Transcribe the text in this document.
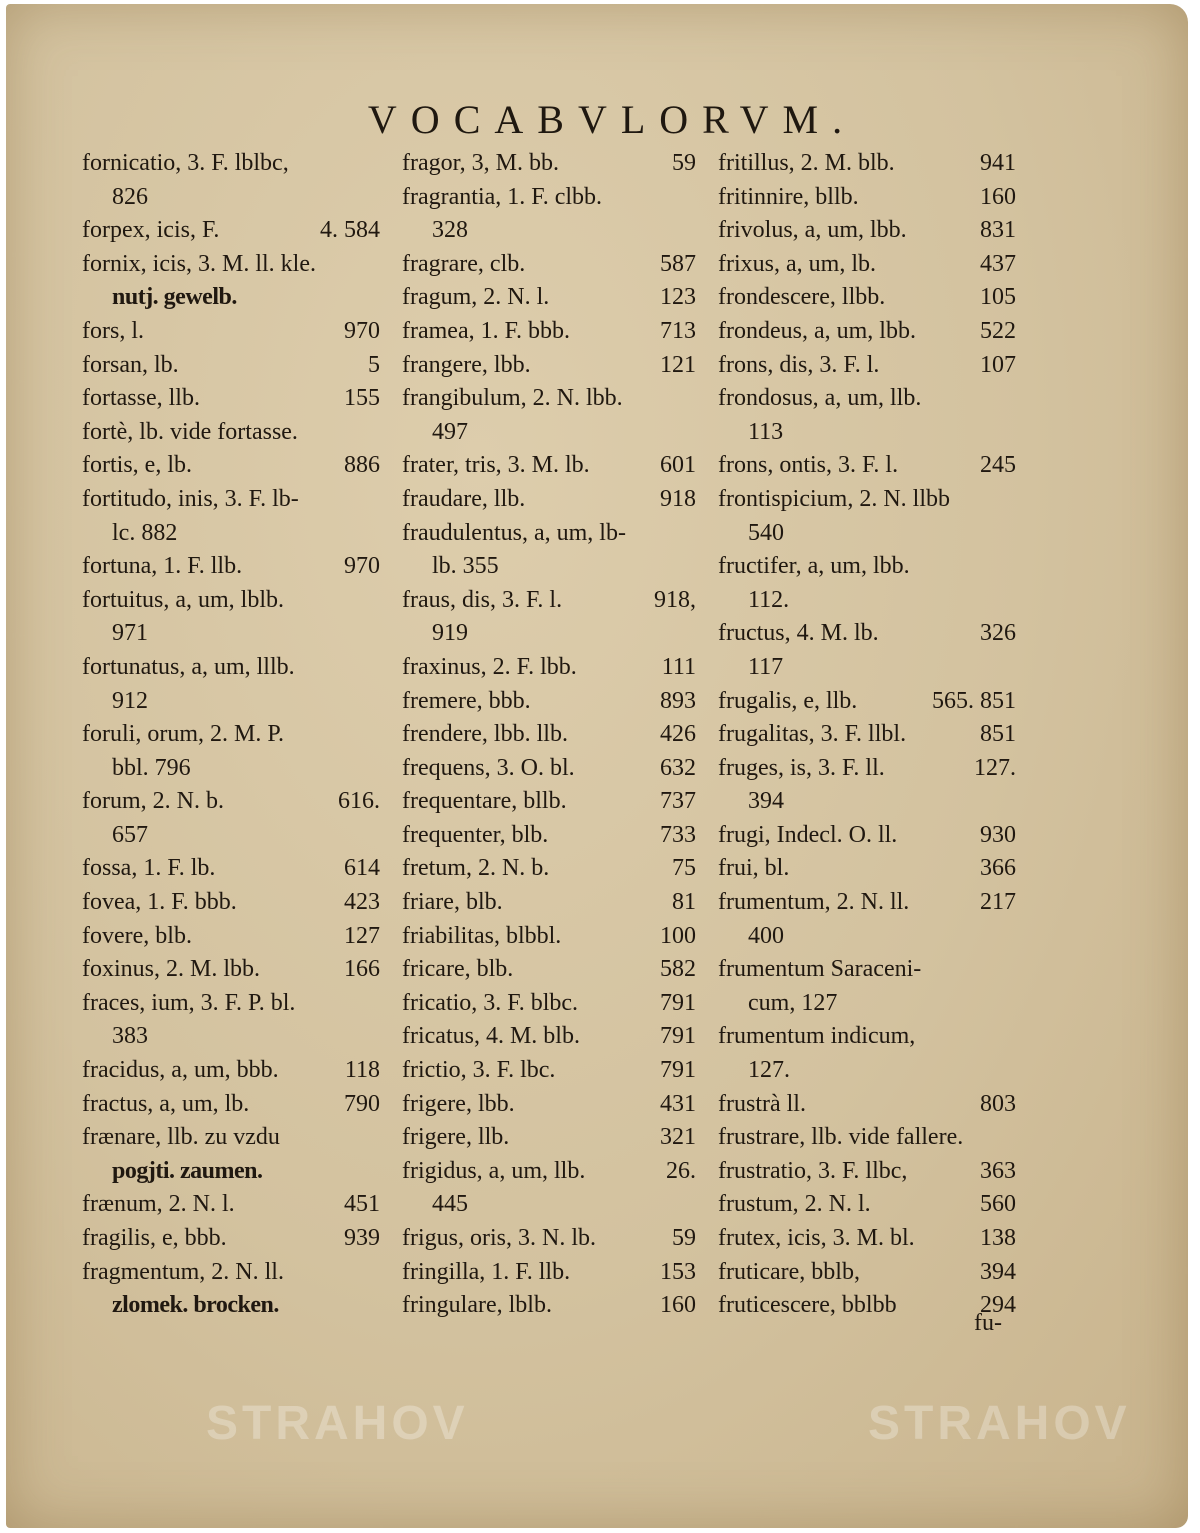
VOCABVLORVM.
fornicatio, 3. F. lblbc,
826
forpex, icis, F.	4. 584
fornix, icis, 3. M. ll. kle.
nutj. gewelb.
fors, l.	970
forsan, lb.	5
fortasse, llb.	155
fortè, lb. vide fortasse.
fortis, e, lb.	886
fortitudo, inis, 3. F. lb-
lc. 882
fortuna, 1. F. llb.	970
fortuitus, a, um, lblb.
971
fortunatus, a, um, lllb.
912
foruli, orum, 2. M. P.
bbl. 796
forum, 2. N. b.	616.
657
fossa, 1. F. lb.	614
fovea, 1. F. bbb.	423
fovere, blb.	127
foxinus, 2. M. lbb.	166
fraces, ium, 3. F. P. bl.
383
fracidus, a, um, bbb.	118
fractus, a, um, lb.	790
frænare, llb. zu vzdu
pogjti. zaumen.
frænum, 2. N. l.	451
fragilis, e, bbb.	939
fragmentum, 2. N. ll.
zlomek. brocken.
fragor, 3, M. bb.	59
fragrantia, 1. F. clbb.
328
fragrare, clb.	587
fragum, 2. N. l.	123
framea, 1. F. bbb.	713
frangere, lbb.	121
frangibulum, 2. N. lbb.
497
frater, tris, 3. M. lb.	601
fraudare, llb.	918
fraudulentus, a, um, lb-
lb. 355
fraus, dis, 3. F. l.	918,
919
fraxinus, 2. F. lbb.	111
fremere, bbb.	893
frendere, lbb. llb.	426
frequens, 3. O. bl.	632
frequentare, bllb.	737
frequenter, blb.	733
fretum, 2. N. b.	75
friare, blb.	81
friabilitas, blbbl.	100
fricare, blb.	582
fricatio, 3. F. blbc.	791
fricatus, 4. M. blb.	791
frictio, 3. F. lbc.	791
frigere, lbb.	431
frigere, llb.	321
frigidus, a, um, llb.	26.
445
frigus, oris, 3. N. lb.	59
fringilla, 1. F. llb.	153
fringulare, lblb.	160
fritillus, 2. M. blb.	941
fritinnire, bllb.	160
frivolus, a, um, lbb.	831
frixus, a, um, lb.	437
frondescere, llbb.	105
frondeus, a, um, lbb.	522
frons, dis, 3. F. l.	107
frondosus, a, um, llb.
113
frons, ontis, 3. F. l.	245
frontispicium, 2. N. llbb
540
fructifer, a, um, lbb.
112.
fructus, 4. M. lb.	326
117
frugalis, e, llb.	565. 851
frugalitas, 3. F. llbl.	851
fruges, is, 3. F. ll.	127.
394
frugi, Indecl. O. ll.	930
frui, bl.	366
frumentum, 2. N. ll.	217
400
frumentum Saraceni-
cum, 127
frumentum indicum,
127.
frustrà ll.	803
frustrare, llb. vide fallere.
frustratio, 3. F. llbc,	363
frustum, 2. N. l.	560
frutex, icis, 3. M. bl.	138
fruticare, bblb,	394
fruticescere, bblbb	294
fu-
STRAHOV	STRAHOV
